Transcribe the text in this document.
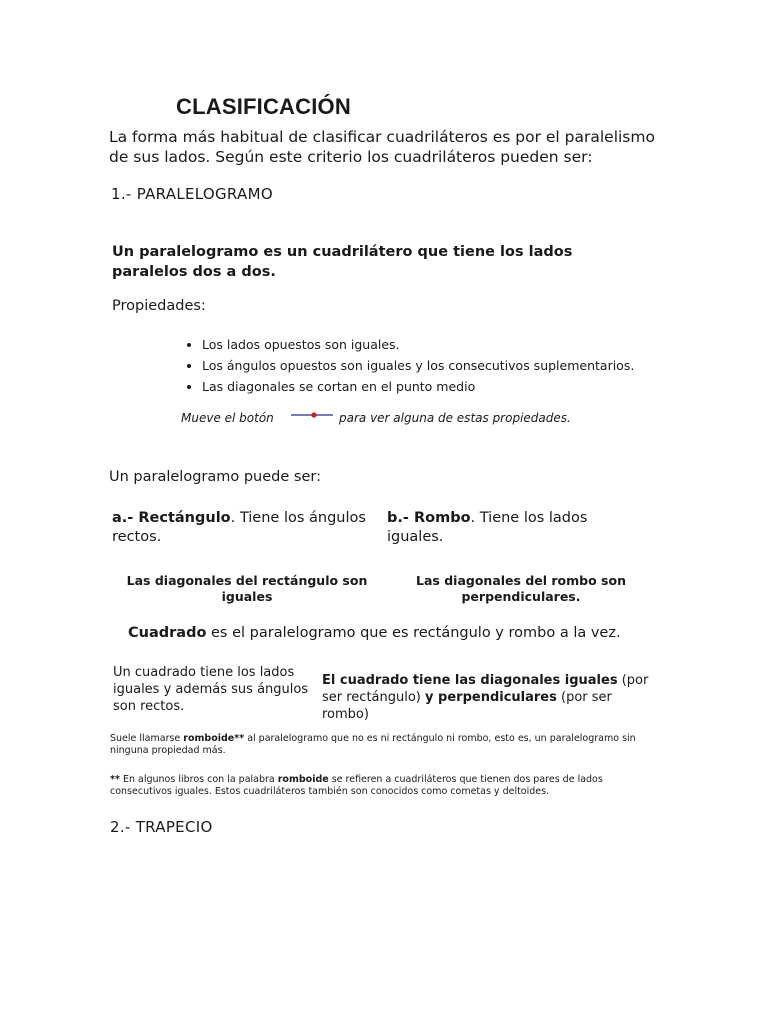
CLASIFICACIÓN
La forma más habitual de clasificar cuadriláteros es por el paralelismo de sus lados. Según este criterio los cuadriláteros pueden ser:
1.- PARALELOGRAMO
Un paralelogramo es un cuadrilátero que tiene los lados paralelos dos a dos.
Propiedades:
• Los lados opuestos son iguales.
• Los ángulos opuestos son iguales y los consecutivos suplementarios.
• Las diagonales se cortan en el punto medio
Mueve el botón	para ver alguna de estas propiedades.
Un paralelogramo puede ser:
a.- Rectángulo. Tiene los ángulos rectos.
b.- Rombo. Tiene los lados iguales.
Las diagonales del rectángulo son iguales
Las diagonales del rombo son perpendiculares.
Cuadrado es el paralelogramo que es rectángulo y rombo a la vez.
Un cuadrado tiene los lados iguales y además sus ángulos son rectos.
El cuadrado tiene las diagonales iguales (por ser rectángulo) y perpendiculares (por ser rombo)
Suele llamarse romboide** al paralelogramo que no es ni rectángulo ni rombo, esto es, un paralelogramo sin ninguna propiedad más.
** En algunos libros con la palabra romboide se refieren a cuadriláteros que tienen dos pares de lados consecutivos iguales. Estos cuadriláteros también son conocidos como cometas y deltoides.
2.- TRAPECIO
